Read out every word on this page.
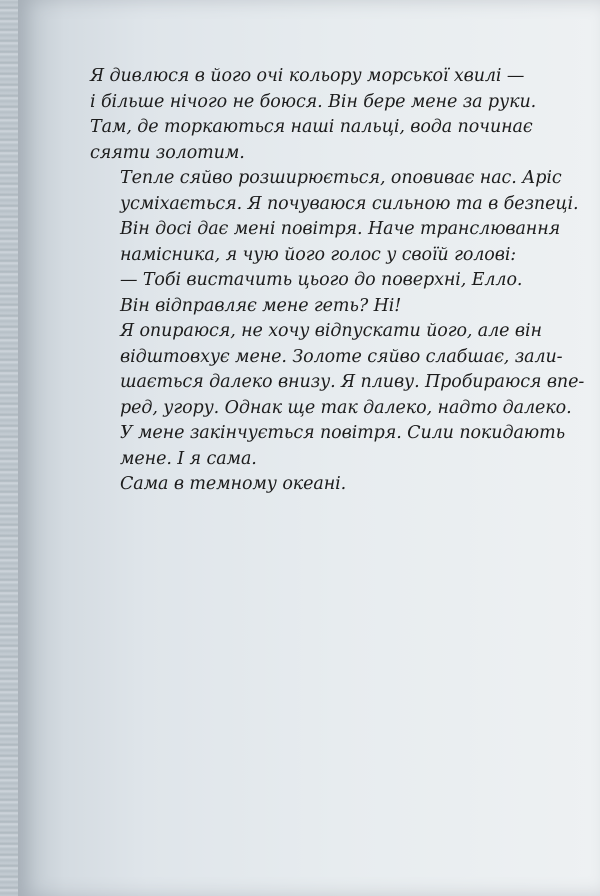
Я дивлюся в його очі кольору морської хвилі —
і більше нічого не боюся. Він бере мене за руки.
Там, де торкаються наші пальці, вода починає
сяяти золотим.

Тепле сяйво розширюється, оповиває нас. Аріс
усміхається. Я почуваюся сильною та в безпеці.

Він досі дає мені повітря. Наче транслювання
намісника, я чую його голос у своїй голові:

— Тобі вистачить цього до поверхні, Елло.

Він відправляє мене геть? Ні!

Я опираюся, не хочу відпускати його, але він
відштовхує мене. Золоте сяйво слабшає, зали-
шається далеко внизу. Я пливу. Пробираюся впе-
ред, угору. Однак ще так далеко, надто далеко.
У мене закінчується повітря. Сили покидають
мене. І я сама.

Сама в темному океані.
